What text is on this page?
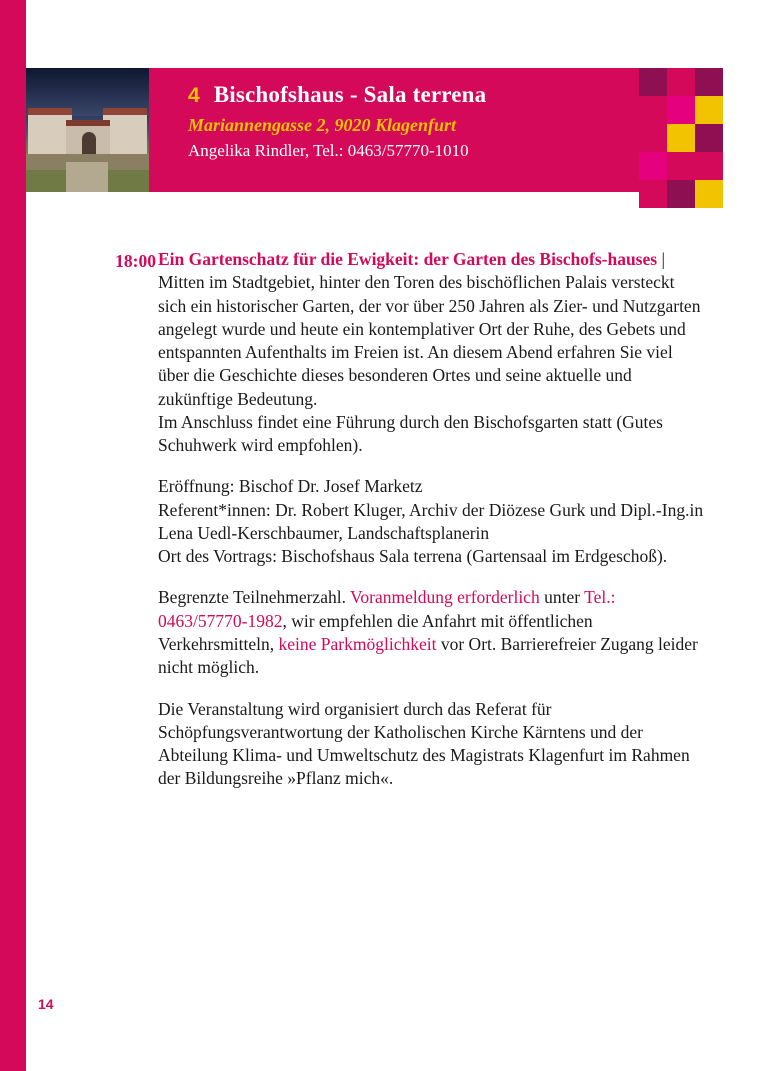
4 Bischofshaus - Sala terrena
Mariannengasse 2, 9020 Klagenfurt
Angelika Rindler, Tel.: 0463/57770-1010
18:00 Ein Gartenschatz für die Ewigkeit: der Garten des Bischofs-hauses | Mitten im Stadtgebiet, hinter den Toren des bischöflichen Palais versteckt sich ein historischer Garten, der vor über 250 Jahren als Zier- und Nutzgarten angelegt wurde und heute ein kontemplativer Ort der Ruhe, des Gebets und entspannten Aufenthalts im Freien ist. An diesem Abend erfahren Sie viel über die Geschichte dieses besonderen Ortes und seine aktuelle und zukünftige Bedeutung.
Im Anschluss findet eine Führung durch den Bischofsgarten statt (Gutes Schuhwerk wird empfohlen).

Eröffnung: Bischof Dr. Josef Marketz
Referent*innen: Dr. Robert Kluger, Archiv der Diözese Gurk und Dipl.-Ing.in Lena Uedl-Kerschbaumer, Landschaftsplanerin
Ort des Vortrags: Bischofshaus Sala terrena (Gartensaal im Erdgeschoß).

Begrenzte Teilnehmerzahl. Voranmeldung erforderlich unter Tel.: 0463/57770-1982, wir empfehlen die Anfahrt mit öffentlichen Verkehrsmitteln, keine Parkmöglichkeit vor Ort. Barrierefreier Zugang leider nicht möglich.

Die Veranstaltung wird organisiert durch das Referat für Schöpfungsverantwortung der Katholischen Kirche Kärntens und der Abteilung Klima- und Umweltschutz des Magistrats Klagenfurt im Rahmen der Bildungsreihe »Pflanz mich«.

14
